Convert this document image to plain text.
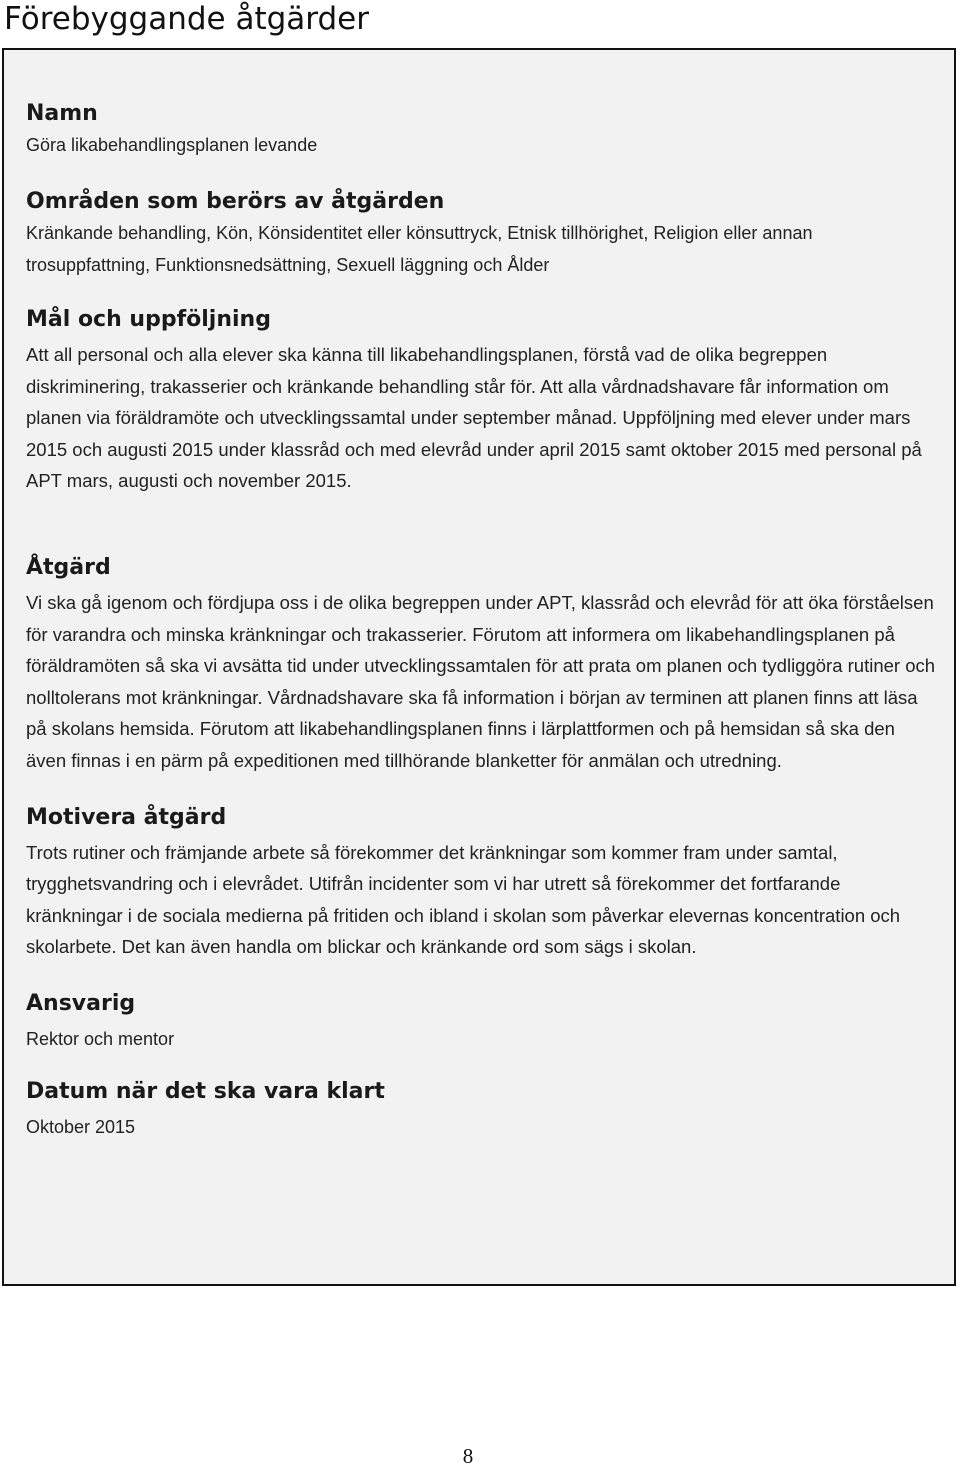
Förebyggande åtgärder
Namn

Göra likabehandlingsplanen levande

Områden som berörs av åtgärden

Kränkande behandling, Kön, Könsidentitet eller könsuttryck, Etnisk tillhörighet, Religion eller annan trosuppfattning, Funktionsnedsättning, Sexuell läggning och Ålder

Mål och uppföljning

Att all personal och alla elever ska känna till likabehandlingsplanen, förstå vad de olika begreppen diskriminering, trakasserier och kränkande behandling står för. Att alla vårdnadshavare får information om planen via föräldramöte och utvecklingssamtal under september månad. Uppföljning med elever under mars 2015 och augusti 2015 under klassråd och med elevråd under april 2015 samt oktober 2015 med personal på APT mars, augusti och november 2015.

Åtgärd

Vi ska gå igenom och fördjupa oss i de olika begreppen under APT, klassråd och elevråd för att öka förståelsen för varandra och minska kränkningar och trakasserier. Förutom att informera om likabehandlingsplanen på föräldramöten så ska vi avsätta tid under utvecklingssamtalen för att prata om planen och tydliggöra rutiner och nolltolerans mot kränkningar. Vårdnadshavare ska få information i början av terminen att planen finns att läsa på skolans hemsida. Förutom att likabehandlingsplanen finns i lärplattformen och på hemsidan så ska den även finnas i en pärm på expeditionen med tillhörande blanketter för anmälan och utredning.

Motivera åtgärd

Trots rutiner och främjande arbete så förekommer det kränkningar som kommer fram under samtal, trygghetsvandring och i elevrådet. Utifrån incidenter som vi har utrett så förekommer det fortfarande kränkningar i de sociala medierna på fritiden och ibland i skolan som påverkar elevernas koncentration och skolarbete. Det kan även handla om blickar och kränkande ord som sägs i skolan.

Ansvarig

Rektor och mentor

Datum när det ska vara klart

Oktober 2015

8
